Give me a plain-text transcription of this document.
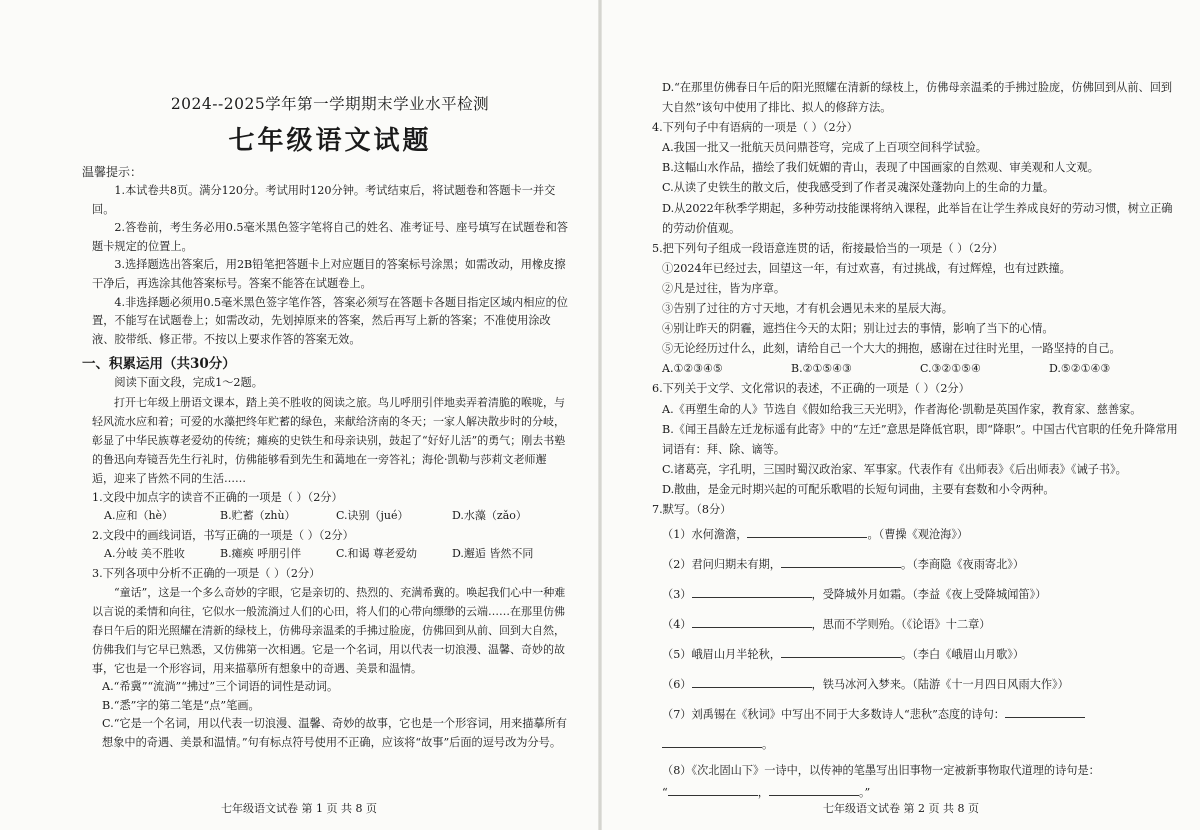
2024--2025学年第一学期期末学业水平检测
七年级语文试题
温馨提示：

1.本试卷共8页。满分120分。考试用时120分钟。考试结束后，将试题卷和答题卡一并交回。

2.答卷前，考生务必用0.5毫米黑色签字笔将自己的姓名、准考证号、座号填写在试题卷和答题卡规定的位置上。

3.选择题选出答案后，用2B铅笔把答题卡上对应题目的答案标号涂黑；如需改动，用橡皮擦干净后，再选涂其他答案标号。答案不能答在试题卷上。

4.非选择题必须用0.5毫米黑色签字笔作答，答案必须写在答题卡各题目指定区域内相应的位置，不能写在试题卷上；如需改动，先划掉原来的答案，然后再写上新的答案；不准使用涂改液、胶带纸、修正带。不按以上要求作答的答案无效。

一、积累运用（共30分）

阅读下面文段，完成1～2题。

打开七年级上册语文课本，踏上美不胜收的阅读之旅。鸟儿呼朋引伴地卖弄着清脆的喉咙，与轻风流水应和着；可爱的水藻把终年贮蓄的绿色，来献给济南的冬天；一家人解决散步时的分岐，彰显了中华民族尊老爱幼的传统；瘫痪的史铁生和母亲诀别，鼓起了“好好儿活”的勇气；刚去书塾的鲁迅向寿镜吾先生行礼时，仿佛能够看到先生和蔼地在一旁答礼；海伦·凯勒与莎莉文老师邂逅，迎来了皆然不同的生活……

1.文段中加点字的读音不正确的一项是（ ）（2分）

A.应和（hè）	B.贮蓄（zhù）	C.诀别（jué）	D.水藻（zǎo）

2.文段中的画线词语，书写正确的一项是（ ）（2分）

A.分岐 美不胜收	B.瘫痪 呼朋引伴	C.和谒 尊老爱幼	D.邂逅 皆然不同

3.下列各项中分析不正确的一项是（ ）（2分）

“童话”，这是一个多么奇妙的字眼，它是亲切的、热烈的、充满希冀的。唤起我们心中一种难以言说的柔情和向往，它似水一般流淌过人们的心田，将人们的心带向缥缈的云端……在那里仿佛春日午后的阳光照耀在清新的绿枝上，仿佛母亲温柔的手拂过脸庞，仿佛回到从前、回到大自然，仿佛我们与它早已熟悉，又仿佛第一次相遇。它是一个名词，用以代表一切浪漫、温馨、奇妙的故事，它也是一个形容词，用来描摹所有想象中的奇遇、美景和温情。

A.“希冀”“流淌”“拂过”三个词语的词性是动词。

B.“悉”字的第二笔是“点”笔画。

C.“它是一个名词，用以代表一切浪漫、温馨、奇妙的故事，它也是一个形容词，用来描摹所有想象中的奇遇、美景和温情。”句有标点符号使用不正确，应该将“故事”后面的逗号改为分号。

七年级语文试卷 第 1 页 共 8 页

D.“在那里仿佛春日午后的阳光照耀在清新的绿枝上，仿佛母亲温柔的手拂过脸庞，仿佛回到从前、回到大自然”该句中使用了排比、拟人的修辞方法。

4.下列句子中有语病的一项是（ ）（2分）

A.我国一批又一批航天员问鼎苍穹，完成了上百项空间科学试验。

B.这幅山水作品，描绘了我们妩媚的青山，表现了中国画家的自然观、审美观和人文观。

C.从读了史铁生的散文后，使我感受到了作者灵魂深处蓬勃向上的生命的力量。

D.从2022年秋季学期起，多种劳动技能课将纳入课程，此举旨在让学生养成良好的劳动习惯，树立正确的劳动价值观。

5.把下列句子组成一段语意连贯的话，衔接最恰当的一项是（ ）（2分）

①2024年已经过去，回望这一年，有过欢喜，有过挑战，有过辉煌，也有过跌撞。

②凡是过往，皆为序章。

③告别了过往的方寸天地，才有机会遇见未来的星辰大海。

④别让昨天的阴霾，遮挡住今天的太阳；别让过去的事情，影响了当下的心情。

⑤无论经历过什么，此刻，请给自己一个大大的拥抱，感谢在过往时光里，一路坚持的自己。

A.①②③④⑤	B.②①⑤④③	C.③②①⑤④	D.⑤②①④③

6.下列关于文学、文化常识的表述，不正确的一项是（ ）（2分）

A.《再塑生命的人》节选自《假如给我三天光明》，作者海伦·凯勒是英国作家，教育家、慈善家。

B.《闻王昌龄左迁龙标遥有此寄》中的“左迁”意思是降低官职，即“降职”。中国古代官职的任免升降常用词语有：拜、除、谪等。

C.诸葛亮，字孔明，三国时蜀汉政治家、军事家。代表作有《出师表》《后出师表》《诫子书》。

D.散曲，是金元时期兴起的可配乐歌唱的长短句词曲，主要有套数和小令两种。

7.默写。（8分）

（1）水何澹澹，	。（曹操《观沧海》）

（2）君问归期未有期，	。（李商隐《夜雨寄北》）

（3）	，受降城外月如霜。（李益《夜上受降城闻笛》）

（4）	，思而不学则殆。（《论语》十二章）

（5）峨眉山月半轮秋，	。（李白《峨眉山月歌》）

（6）	，铁马冰河入梦来。（陆游《十一月四日风雨大作》）

（7）刘禹锡在《秋词》中写出不同于大多数诗人“悲秋”态度的诗句：

。

（8）《次北固山下》一诗中，以传神的笔墨写出旧事物一定被新事物取代道理的诗句是：

“	，	。”

七年级语文试卷 第 2 页 共 8 页
